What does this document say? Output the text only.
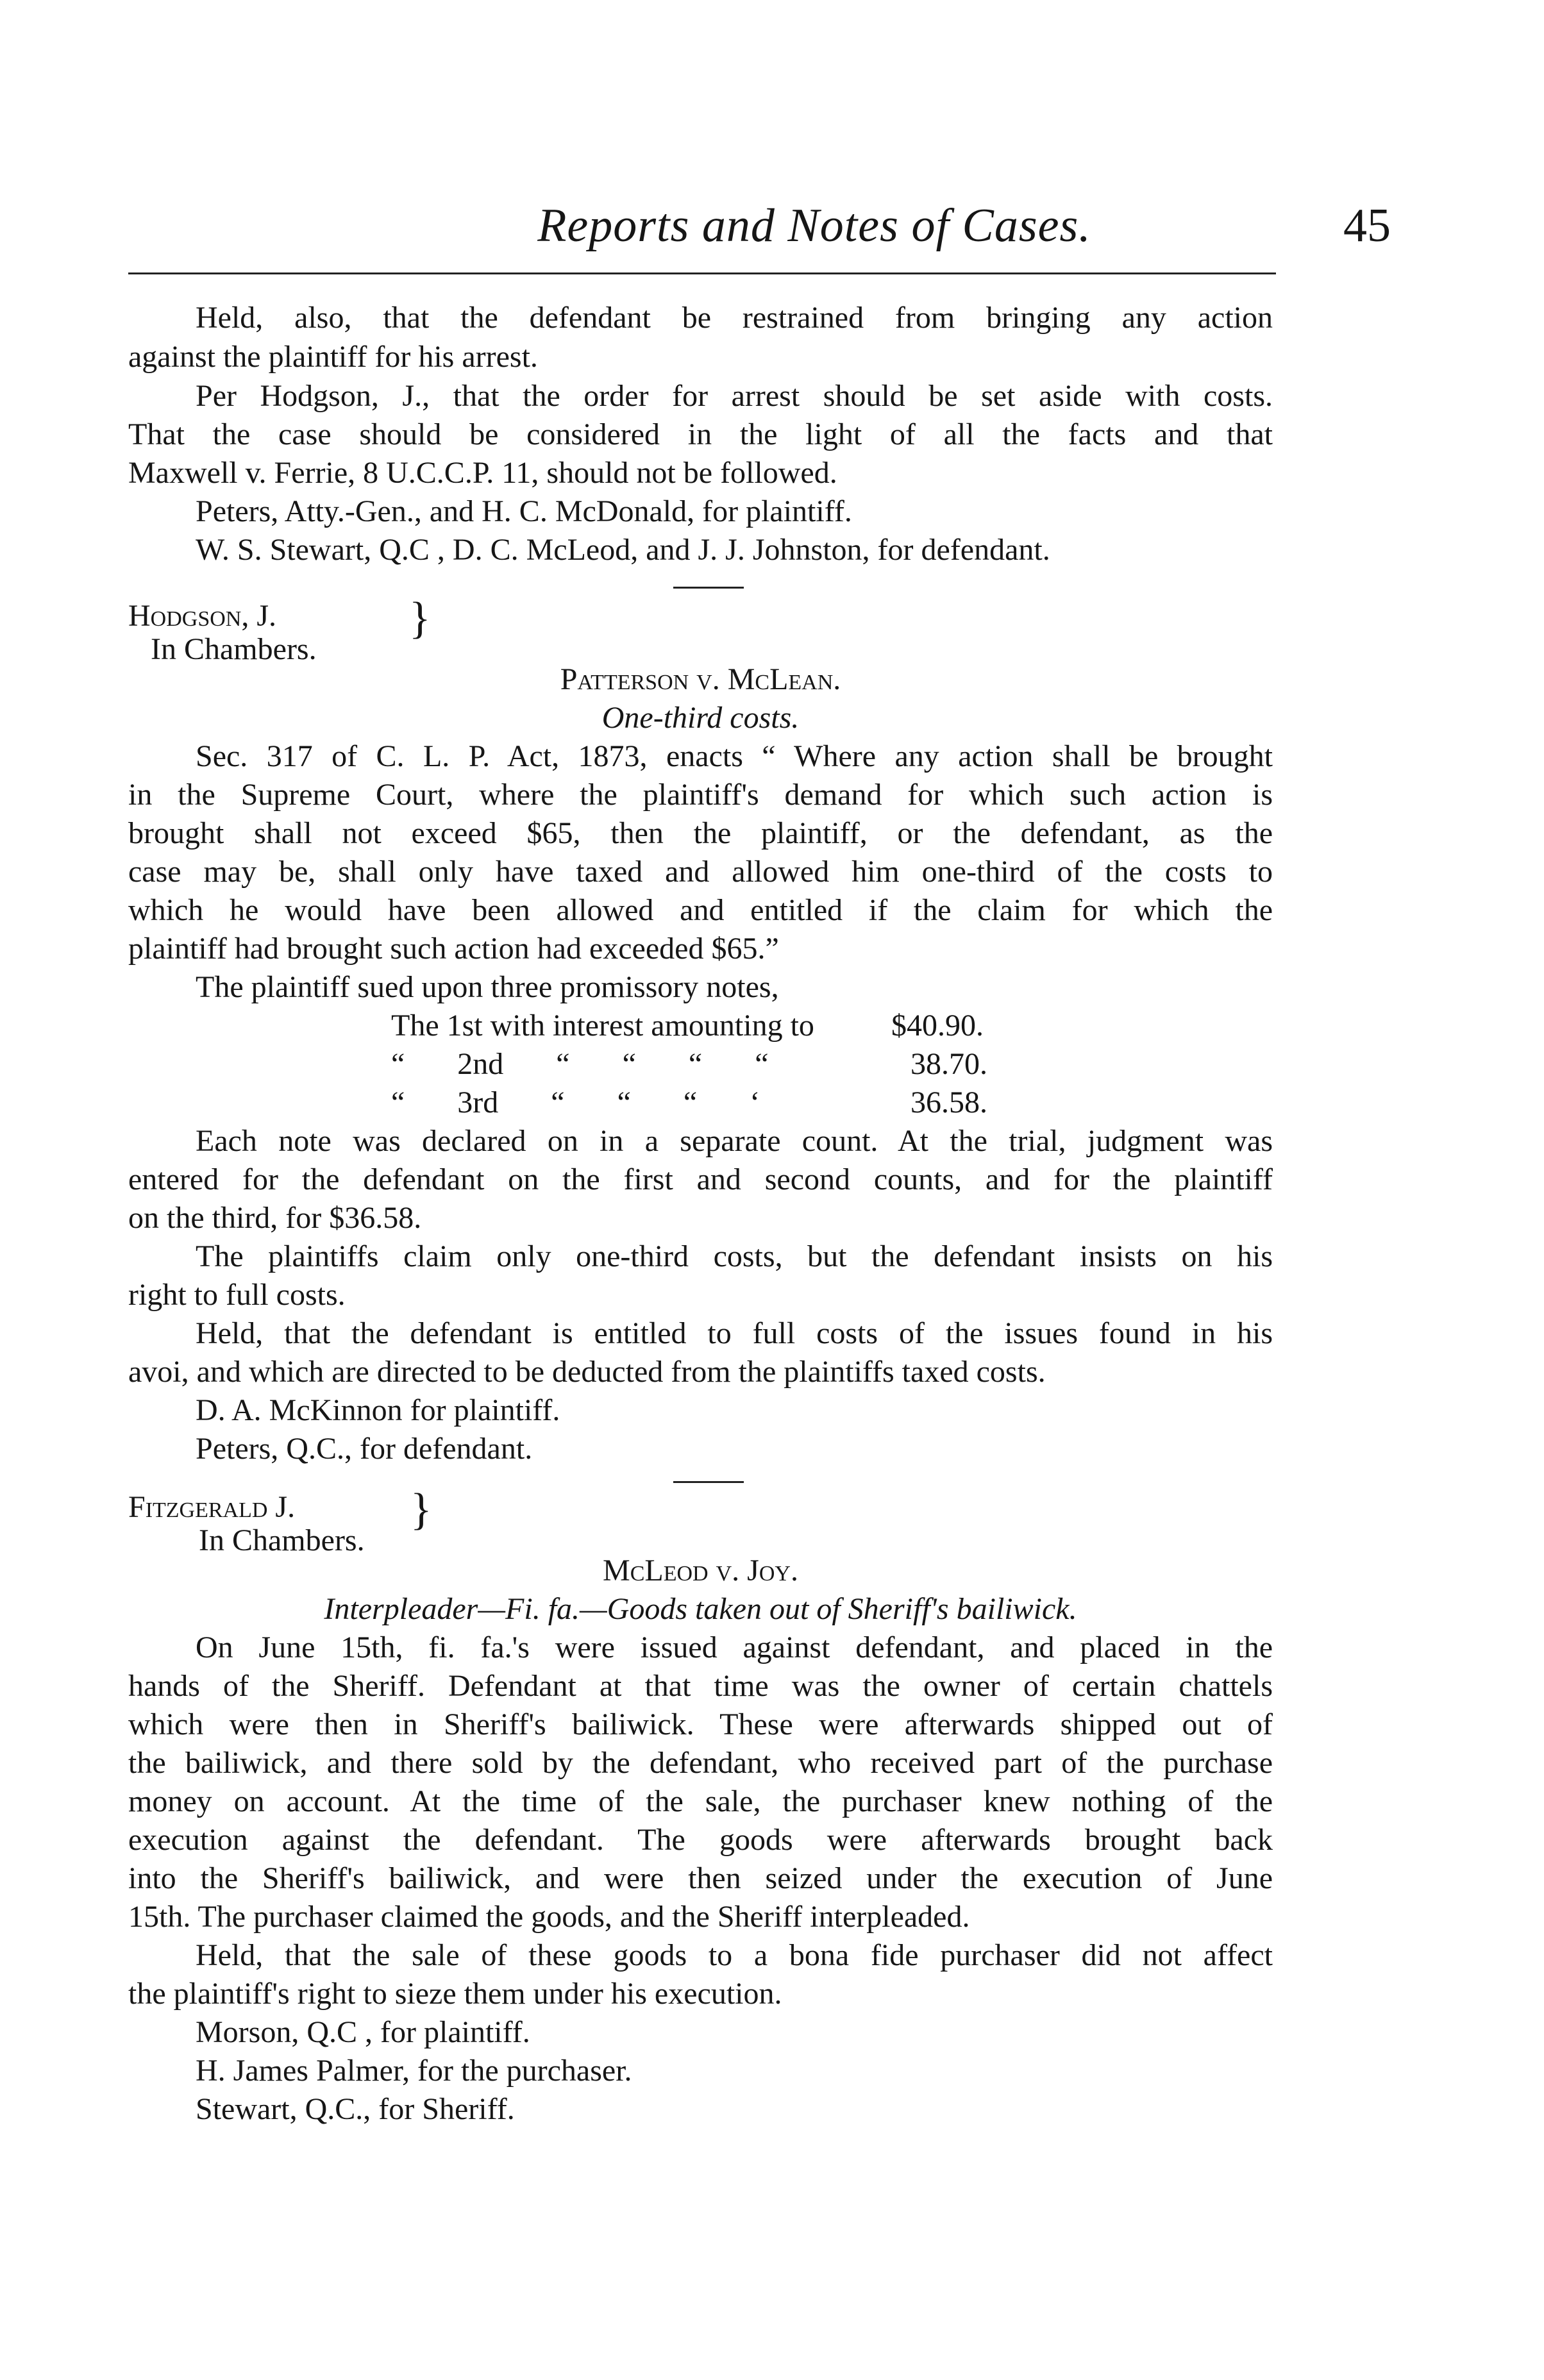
Reports and Notes of Cases.	45
Held, also, that the defendant be restrained from bringing any action
against the plaintiff for his arrest.
Per Hodgson, J., that the order for arrest should be set aside with costs.
That the case should be considered in the light of all the facts and that
Maxwell v. Ferrie, 8 U.C.C.P. 11, should not be followed.
Peters, Atty.-Gen., and H. C. McDonald, for plaintiff.
W. S. Stewart, Q.C , D. C. McLeod, and J. J. Johnston, for defendant.
Hodgson, J.
In Chambers.
}
Patterson v. McLean.
One-third costs.
Sec. 317 of C. L. P. Act, 1873, enacts “ Where any action shall be brought
in the Supreme Court, where the plaintiff's demand for which such action is
brought shall not exceed $65, then the plaintiff, or the defendant, as the
case may be, shall only have taxed and allowed him one-third of the costs to
which he would have been allowed and entitled if the claim for which the
plaintiff had brought such action had exceeded $65.”
The plaintiff sued upon three promissory notes,
The 1st with interest amounting to	$40.90.
“ 2nd “ “ “ “	38.70.
“ 3rd “ “ “ ‘	36.58.
Each note was declared on in a separate count. At the trial, judgment was
entered for the defendant on the first and second counts, and for the plaintiff
on the third, for $36.58.
The plaintiffs claim only one-third costs, but the defendant insists on his
right to full costs.
Held, that the defendant is entitled to full costs of the issues found in his
avoi, and which are directed to be deducted from the plaintiffs taxed costs.
D. A. McKinnon for plaintiff.
Peters, Q.C., for defendant.
Fitzgerald J.
In Chambers.
}
McLeod v. Joy.
Interpleader—Fi. fa.—Goods taken out of Sheriff's bailiwick.
On June 15th, fi. fa.'s were issued against defendant, and placed in the
hands of the Sheriff. Defendant at that time was the owner of certain chattels
which were then in Sheriff's bailiwick. These were afterwards shipped out of
the bailiwick, and there sold by the defendant, who received part of the purchase
money on account. At the time of the sale, the purchaser knew nothing of the
execution against the defendant. The goods were afterwards brought back
into the Sheriff's bailiwick, and were then seized under the execution of June
15th. The purchaser claimed the goods, and the Sheriff interpleaded.
Held, that the sale of these goods to a bona fide purchaser did not affect
the plaintiff's right to sieze them under his execution.
Morson, Q.C , for plaintiff.
H. James Palmer, for the purchaser.
Stewart, Q.C., for Sheriff.
